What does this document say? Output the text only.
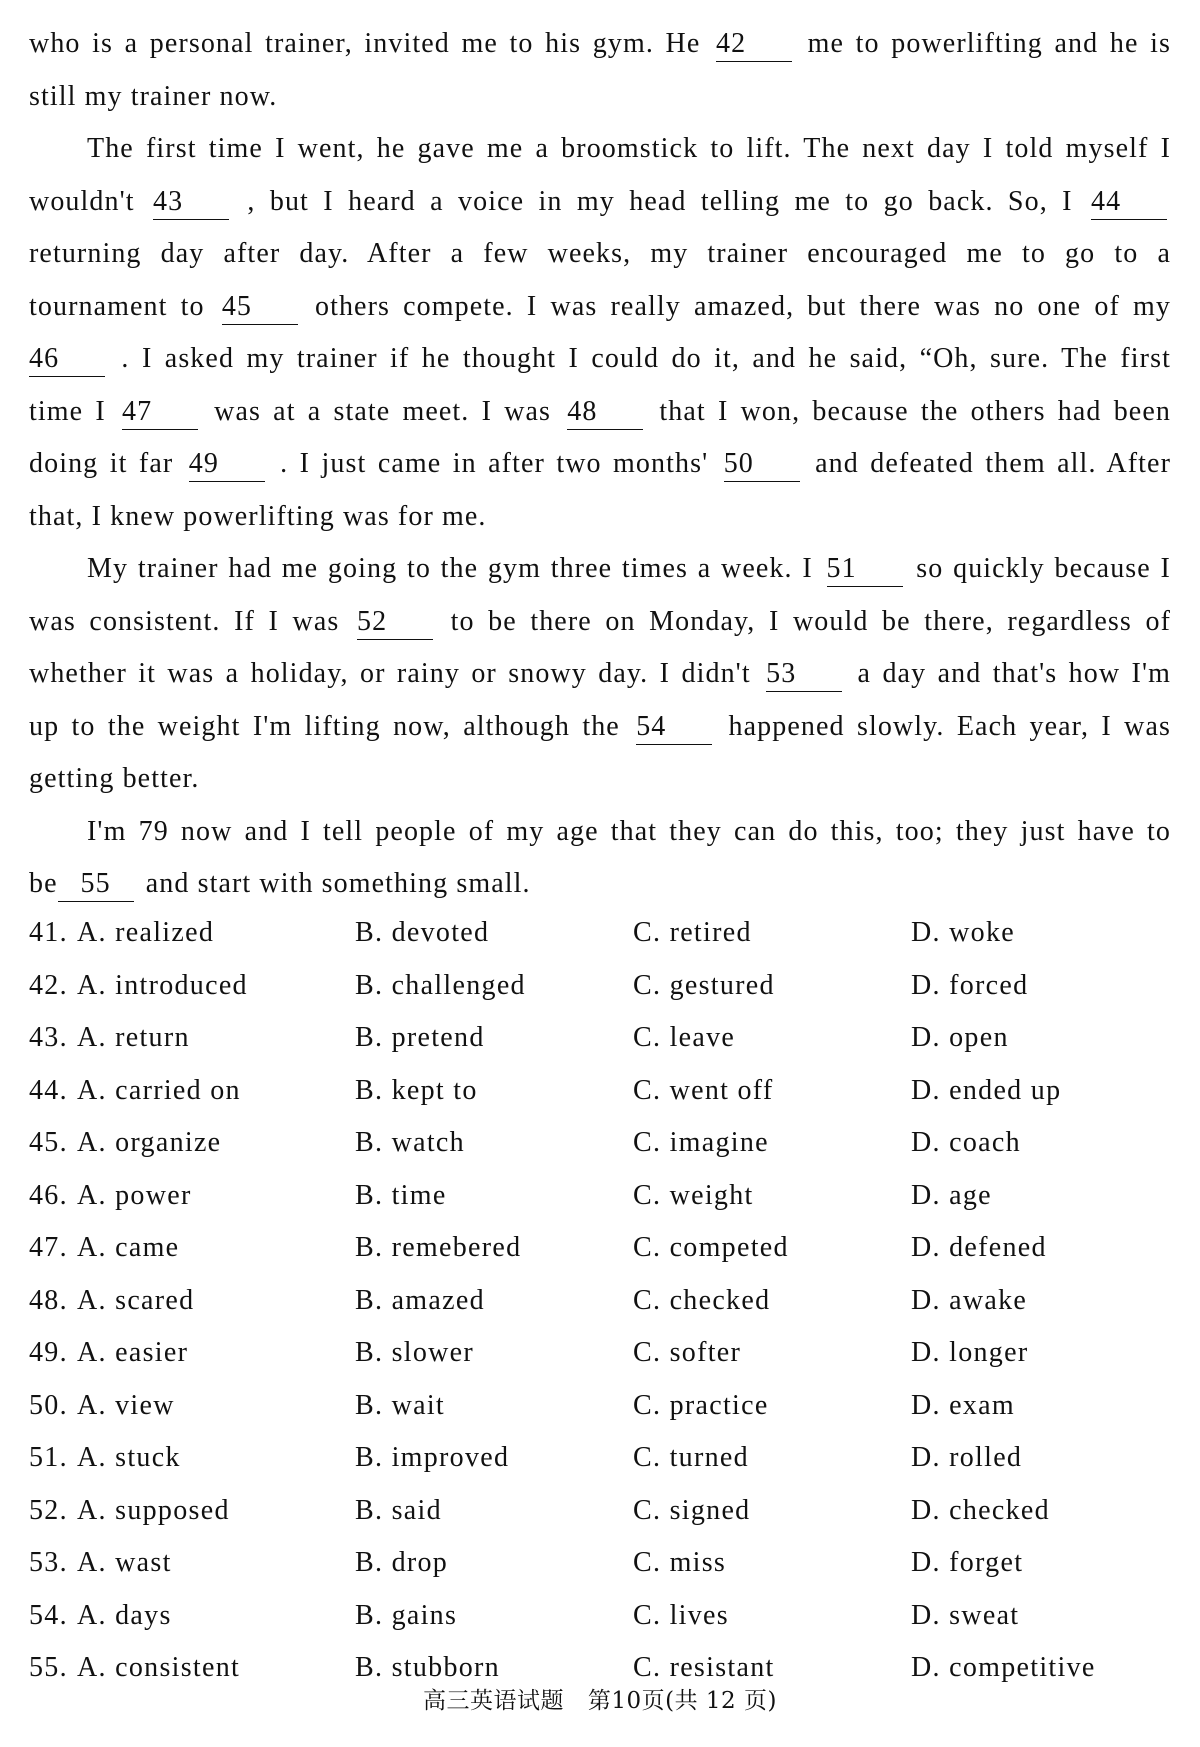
who is a personal trainer, invited me to his gym. He 42 me to powerlifting and he is
still my trainer now.
The first time I went, he gave me a broomstick to lift. The next day I told myself I
wouldn't 43 , but I heard a voice in my head telling me to go back. So, I 44
returning day after day. After a few weeks, my trainer encouraged me to go to a
tournament to 45 others compete. I was really amazed, but there was no one of my
46 . I asked my trainer if he thought I could do it, and he said, “Oh, sure. The first
time I 47 was at a state meet. I was 48 that I won, because the others had been
doing it far 49 . I just came in after two months' 50 and defeated them all. After
that, I knew powerlifting was for me.
My trainer had me going to the gym three times a week. I 51 so quickly because I
was consistent. If I was 52 to be there on Monday, I would be there, regardless of
whether it was a holiday, or rainy or snowy day. I didn't 53 a day and that's how I'm
up to the weight I'm lifting now, although the 54 happened slowly. Each year, I was
getting better.
I'm 79 now and I tell people of my age that they can do this, too; they just have to
be 55 and start with something small.
41. A. realized	B. devoted	C. retired	D. woke
42. A. introduced	B. challenged	C. gestured	D. forced
43. A. return	B. pretend	C. leave	D. open
44. A. carried on	B. kept to	C. went off	D. ended up
45. A. organize	B. watch	C. imagine	D. coach
46. A. power	B. time	C. weight	D. age
47. A. came	B. remebered	C. competed	D. defened
48. A. scared	B. amazed	C. checked	D. awake
49. A. easier	B. slower	C. softer	D. longer
50. A. view	B. wait	C. practice	D. exam
51. A. stuck	B. improved	C. turned	D. rolled
52. A. supposed	B. said	C. signed	D. checked
53. A. wast	B. drop	C. miss	D. forget
54. A. days	B. gains	C. lives	D. sweat
55. A. consistent	B. stubborn	C. resistant	D. competitive
高三英语试题 第10页(共 12 页)
